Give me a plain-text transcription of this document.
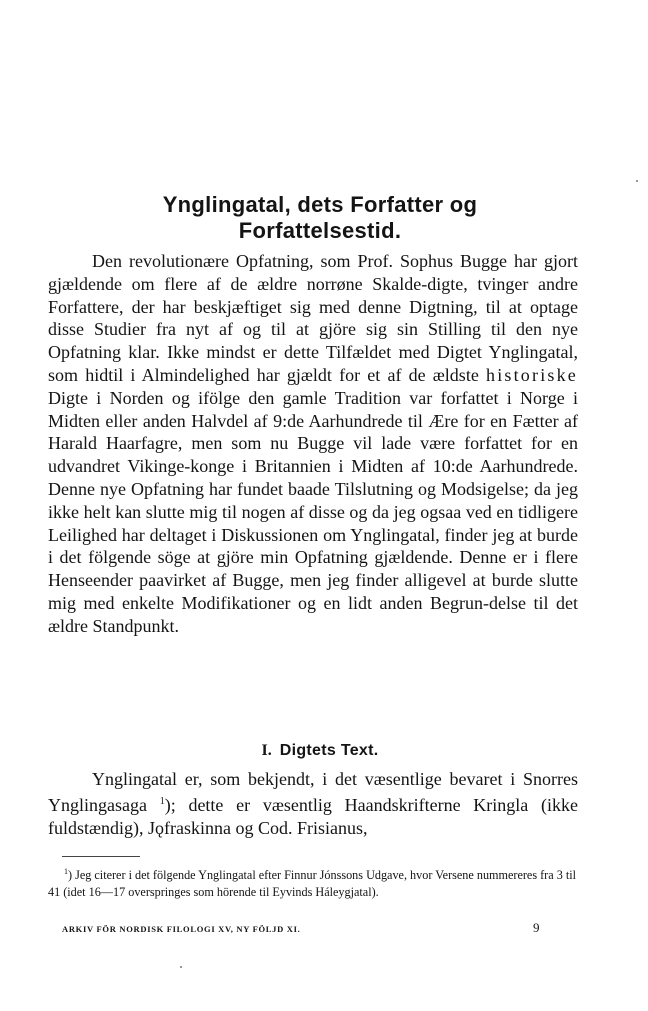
Ynglingatal, dets Forfatter og
Forfattelsestid.

Den revolutionære Opfatning, som Prof. Sophus Bugge har gjort gjældende om flere af de ældre norrøne Skalde-digte, tvinger andre Forfattere, der har beskjæftiget sig med denne Digtning, til at optage disse Studier fra nyt af og til at gjöre sig sin Stilling til den nye Opfatning klar. Ikke mindst er dette Tilfældet med Digtet Ynglingatal, som hidtil i Almindelighed har gjældt for et af de ældste historiske Digte i Norden og ifölge den gamle Tradition var forfattet i Norge i Midten eller anden Halvdel af 9:de Aarhundrede til Ære for en Fætter af Harald Haarfagre, men som nu Bugge vil lade være forfattet for en udvandret Vikinge-konge i Britannien i Midten af 10:de Aarhundrede. Denne nye Opfatning har fundet baade Tilslutning og Modsigelse; da jeg ikke helt kan slutte mig til nogen af disse og da jeg ogsaa ved en tidligere Leilighed har deltaget i Diskussionen om Ynglingatal, finder jeg at burde i det fölgende söge at gjöre min Opfatning gjældende. Denne er i flere Henseender paavirket af Bugge, men jeg finder alligevel at burde slutte mig med enkelte Modifikationer og en lidt anden Begrun-delse til det ældre Standpunkt.

I. Digtets Text.

Ynglingatal er, som bekjendt, i det væsentlige bevaret i Snorres Ynglingasaga $^1$); dette er væsentlig Haandskrifterne Kringla (ikke fuldstændig), Jǫfraskinna og Cod. Frisianus,

$^1$) Jeg citerer i det fölgende Ynglingatal efter Finnur Jónssons Udgave, hvor Versene nummereres fra 3 til 41 (idet 16—17 overspringes som hörende til Eyvinds Háleygjatal).

ARKIV FÖR NORDISK FILOLOGI XV, NY FÖLJD XI.	9
